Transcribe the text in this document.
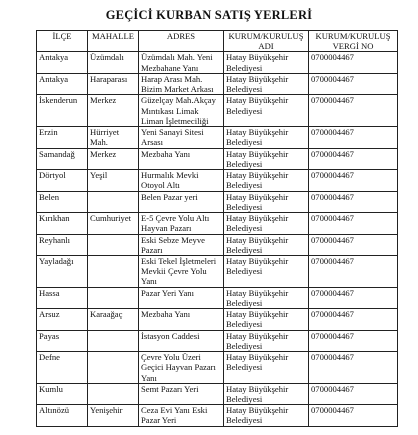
GEÇİCİ KURBAN SATIŞ YERLERİ
İLÇE	MAHALLE	ADRES	KURUM/KURULUŞ ADI	KURUM/KURULUŞ VERGİ NO
Antakya	Üzümdalı	Üzümdalı Mah. Yeni Mezbahane Yanı	Hatay Büyükşehir Belediyesi	0700004467
Antakya	Haraparası	Harap Arası Mah. Bizim Market Arkası	Hatay Büyükşehir Belediyesi	0700004467
İskenderun	Merkez	Güzelçay Mah.Akçay Mıntıkası Limak Liman İşletmeciliği	Hatay Büyükşehir Belediyesi	0700004467
Erzin	Hürriyet Mah.	Yeni Sanayi Sitesi Arsası	Hatay Büyükşehir Belediyesi	0700004467
Samandağ	Merkez	Mezbaha Yanı	Hatay Büyükşehir Belediyesi	0700004467
Dörtyol	Yeşil	Hurmalık Mevki Otoyol Altı	Hatay Büyükşehir Belediyesi	0700004467
Belen		Belen Pazar yeri	Hatay Büyükşehir Belediyesi	0700004467
Kırıkhan	Cumhuriyet	E-5 Çevre Yolu Altı Hayvan Pazarı	Hatay Büyükşehir Belediyesi	0700004467
Reyhanlı		Eski Sebze Meyve Pazarı	Hatay Büyükşehir Belediyesi	0700004467
Yayladağı		Eski Tekel İşletmeleri Mevkii Çevre Yolu Yanı	Hatay Büyükşehir Belediyesi	0700004467
Hassa		Pazar Yeri Yanı	Hatay Büyükşehir Belediyesi	0700004467
Arsuz	Karaağaç	Mezbaha Yanı	Hatay Büyükşehir Belediyesi	0700004467
Payas		İstasyon Caddesi	Hatay Büyükşehir Belediyesi	0700004467
Defne		Çevre Yolu Üzeri Geçici Hayvan Pazarı Yanı	Hatay Büyükşehir Belediyesi	0700004467
Kumlu		Semt Pazarı Yeri	Hatay Büyükşehir Belediyesi	0700004467
Altınözü	Yenişehir	Ceza Evi Yanı Eski Pazar Yeri	Hatay Büyükşehir Belediyesi	0700004467
